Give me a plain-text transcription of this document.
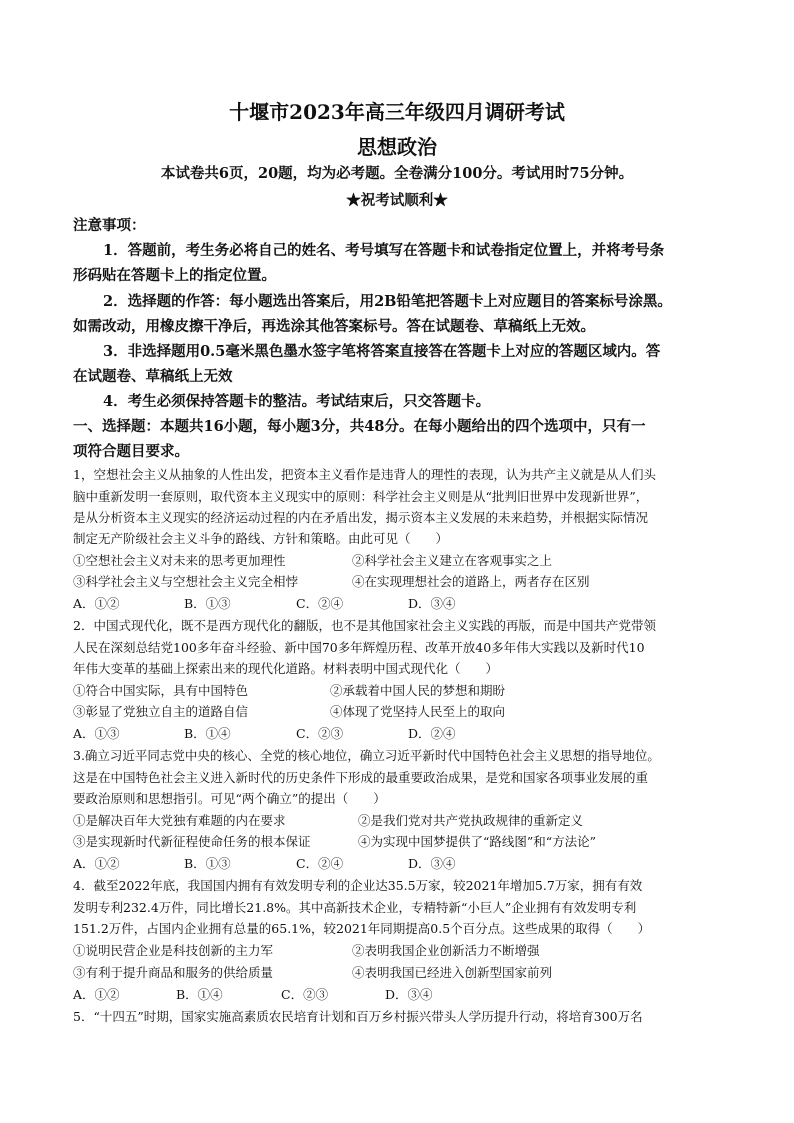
十堰市2023年高三年级四月调研考试
思想政治
本试卷共6页，20题，均为必考题。全卷满分100分。考试用时75分钟。
★祝考试顺利★
注意事项：
1．答题前，考生务必将自己的姓名、考号填写在答题卡和试卷指定位置上，并将考号条
形码贴在答题卡上的指定位置。
2．选择题的作答：每小题选出答案后，用2B铅笔把答题卡上对应题目的答案标号涂黑。
如需改动，用橡皮擦干净后，再选涂其他答案标号。答在试题卷、草稿纸上无效。
3．非选择题用0.5毫米黑色墨水签字笔将答案直接答在答题卡上对应的答题区域内。答
在试题卷、草稿纸上无效
4．考生必须保持答题卡的整洁。考试结束后，只交答题卡。
一、选择题：本题共16小题，每小题3分，共48分。在每小题给出的四个选项中，只有一
项符合题目要求。
1，空想社会主义从抽象的人性出发，把资本主义看作是违背人的理性的表现，认为共产主义就是从人们头
脑中重新发明一套原则，取代资本主义现实中的原则：科学社会主义则是从“批判旧世界中发现新世界”，
是从分析资本主义现实的经济运动过程的内在矛盾出发，揭示资本主义发展的未来趋势，并根据实际情况
制定无产阶级社会主义斗争的路线、方针和策略。由此可见（　　）
①空想社会主义对未来的思考更加理性	②科学社会主义建立在客观事实之上
③科学社会主义与空想社会主义完全相悖	④在实现理想社会的道路上，两者存在区别
A．①②	B．①③	C．②④	D．③④
2．中国式现代化，既不是西方现代化的翻版，也不是其他国家社会主义实践的再版，而是中国共产党带领
人民在深刻总结党100多年奋斗经验、新中国70多年辉煌历程、改革开放40多年伟大实践以及新时代10
年伟大变革的基础上探索出来的现代化道路。材料表明中国式现代化（　　）
①符合中国实际，具有中国特色	②承载着中国人民的梦想和期盼
③彰显了党独立自主的道路自信	④体现了党坚持人民至上的取向
A．①③	B．①④	C．②③	D．②④
3.确立习近平同志党中央的核心、全党的核心地位，确立习近平新时代中国特色社会主义思想的指导地位。
这是在中国特色社会主义进入新时代的历史条件下形成的最重要政治成果，是党和国家各项事业发展的重
要政治原则和思想指引。可见“两个确立”的提出（　　）
①是解决百年大党独有难题的内在要求	②是我们党对共产党执政规律的重新定义
③是实现新时代新征程使命任务的根本保证	④为实现中国梦提供了“路线图”和“方法论”
A．①②	B．①③	C．②④	D．③④
4．截至2022年底，我国国内拥有有效发明专利的企业达35.5万家，较2021年增加5.7万家，拥有有效
发明专利232.4万件，同比增长21.8%。其中高新技术企业，专精特新“小巨人”企业拥有有效发明专利
151.2万件，占国内企业拥有总量的65.1%，较2021年同期提高0.5个百分点。这些成果的取得（　　）
①说明民营企业是科技创新的主力军	②表明我国企业创新活力不断增强
③有利于提升商品和服务的供给质量	④表明我国已经进入创新型国家前列
A．①②	B．①④	C．②③	D．③④
5．“十四五”时期，国家实施高素质农民培育计划和百万乡村振兴带头人学历提升行动，将培育300万名
